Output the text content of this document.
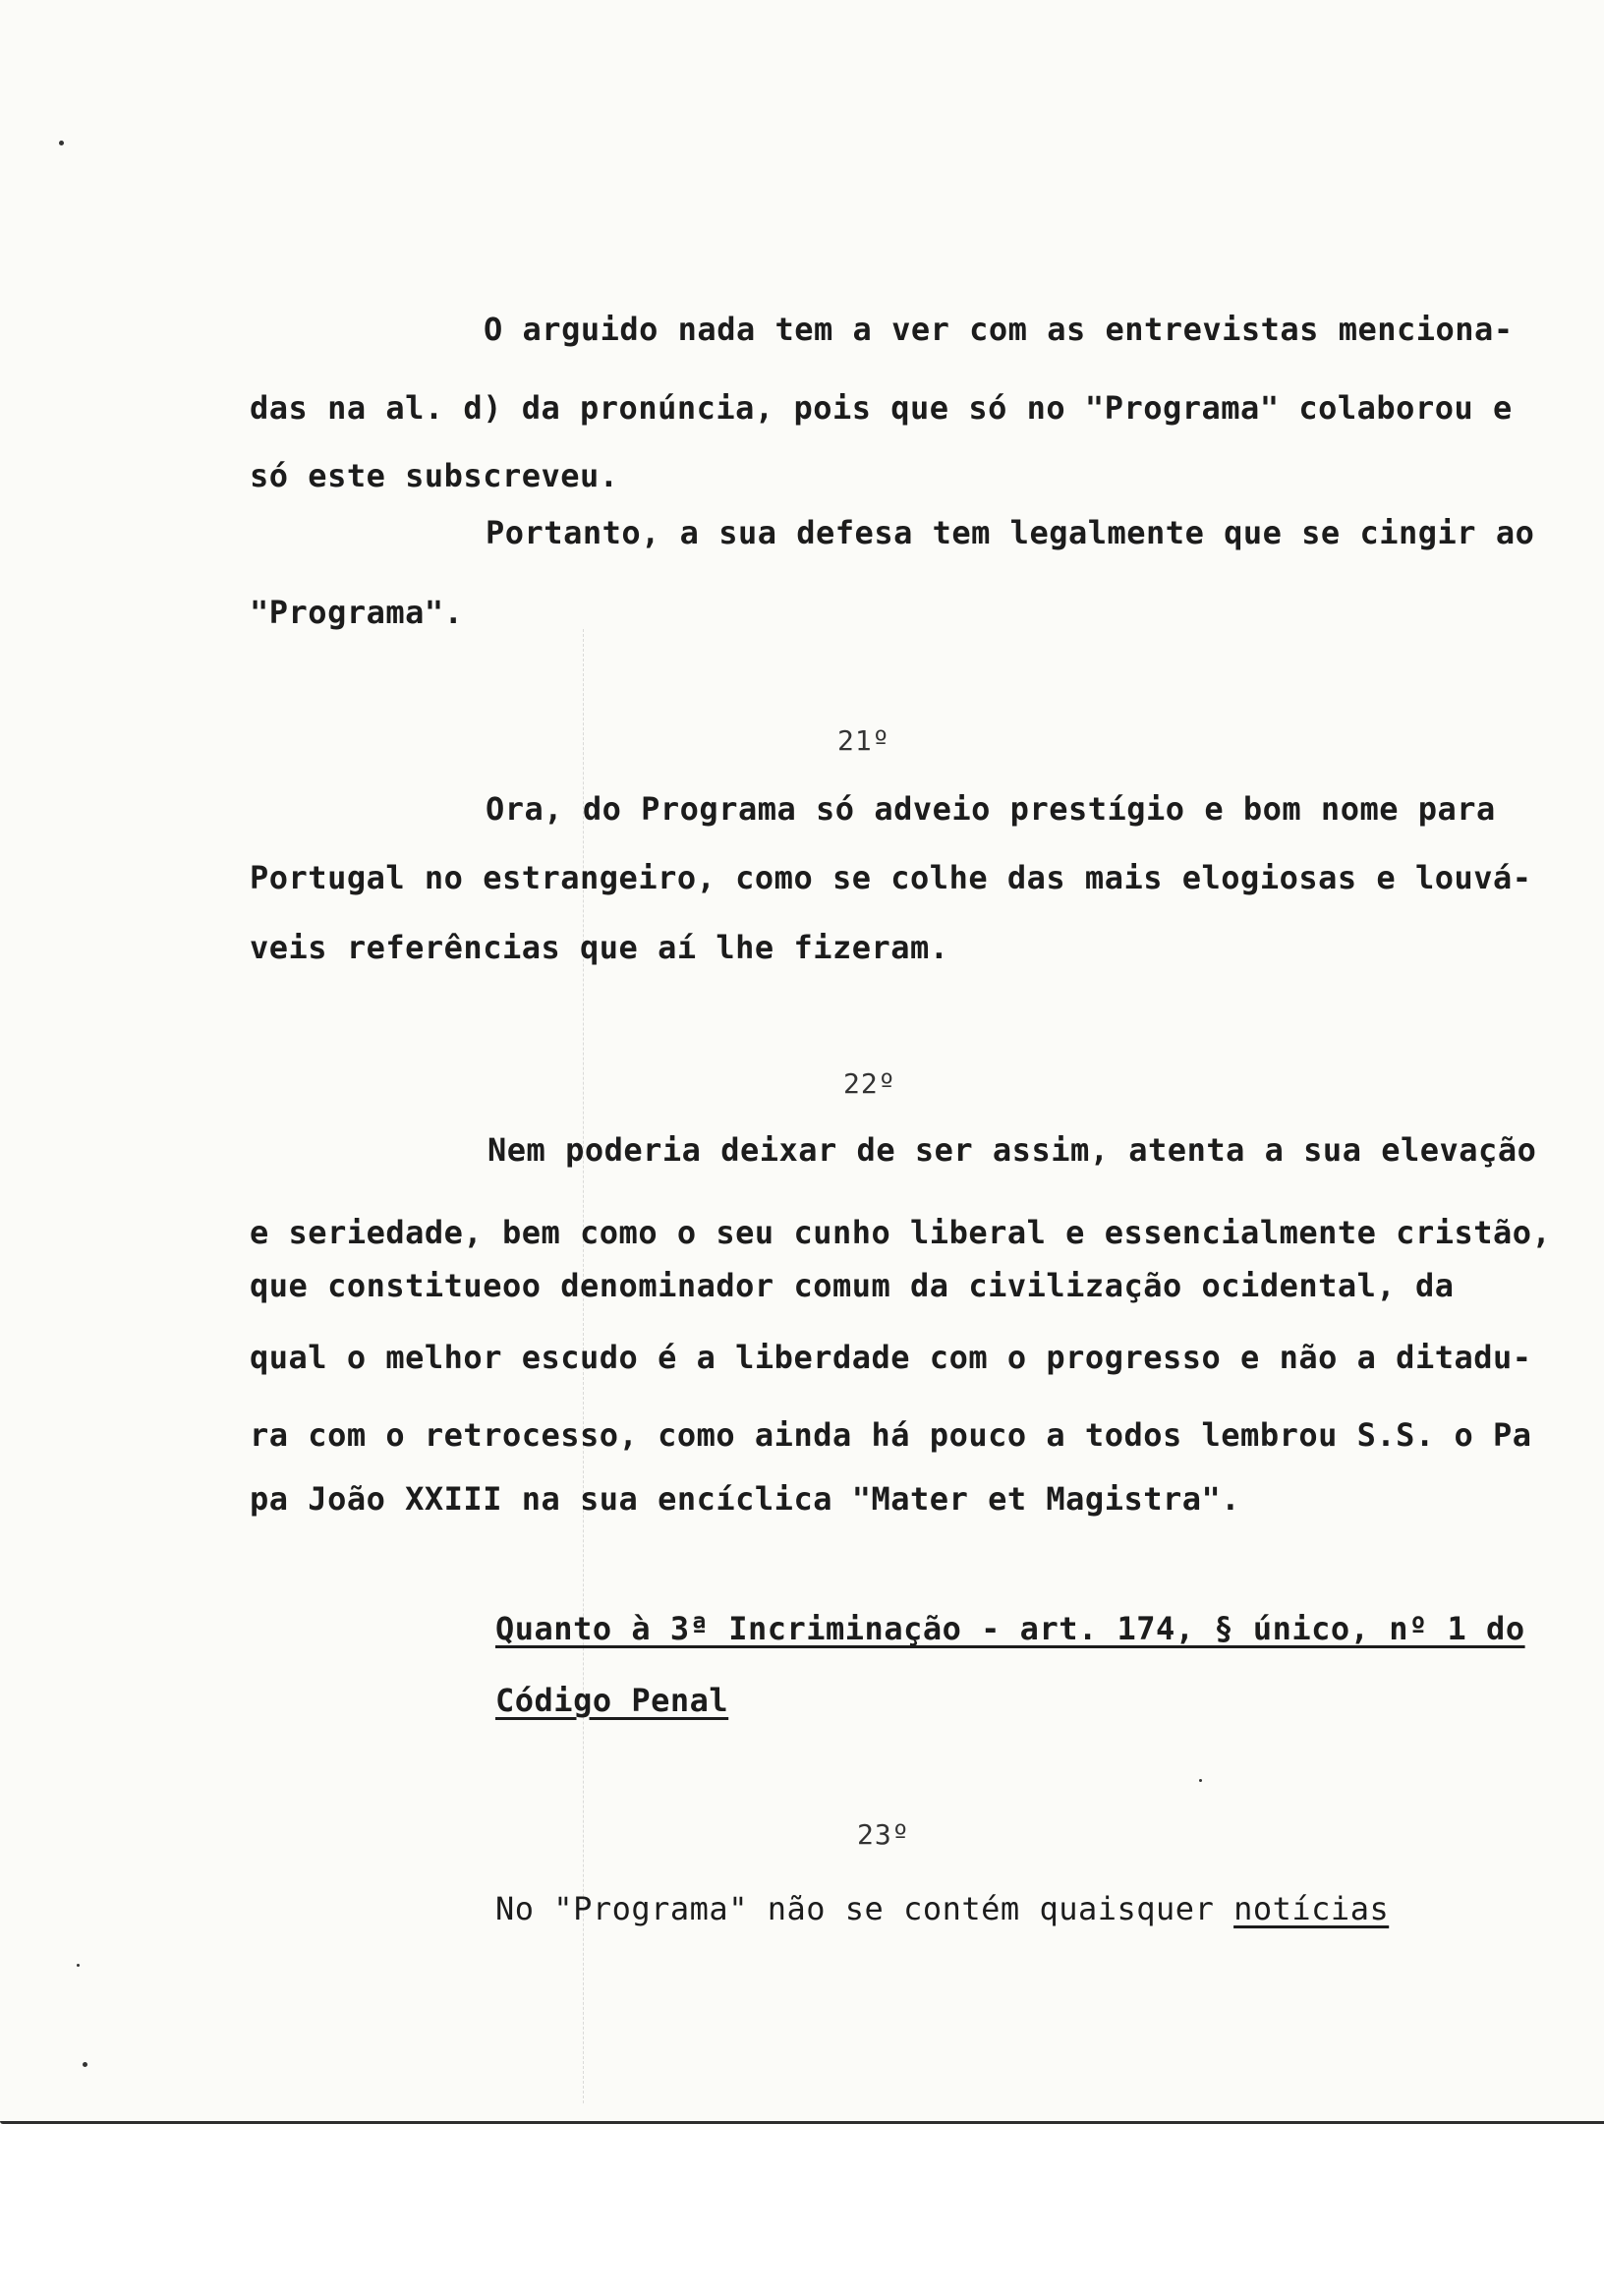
O arguido nada tem a ver com as entrevistas menciona-
das na al. d) da pronúncia, pois que só no "Programa" colaborou e
só este subscreveu.
Portanto, a sua defesa tem legalmente que se cingir ao
"Programa".
21º
Ora, do Programa só adveio prestígio e bom nome para
Portugal no estrangeiro, como se colhe das mais elogiosas e louvá-
veis referências que aí lhe fizeram.
22º
Nem poderia deixar de ser assim, atenta a sua elevação
e seriedade, bem como o seu cunho liberal e essencialmente cristão,
que constitueoo denominador comum da civilização ocidental, da
qual o melhor escudo é a liberdade com o progresso e não a ditadu-
ra com o retrocesso, como ainda há pouco a todos lembrou S.S. o Pa
pa João XXIII na sua encíclica "Mater et Magistra".
Quanto à 3ª Incriminação - art. 174, § único, nº 1 do
Código Penal
23º
No "Programa" não se contém quaisquer notícias
